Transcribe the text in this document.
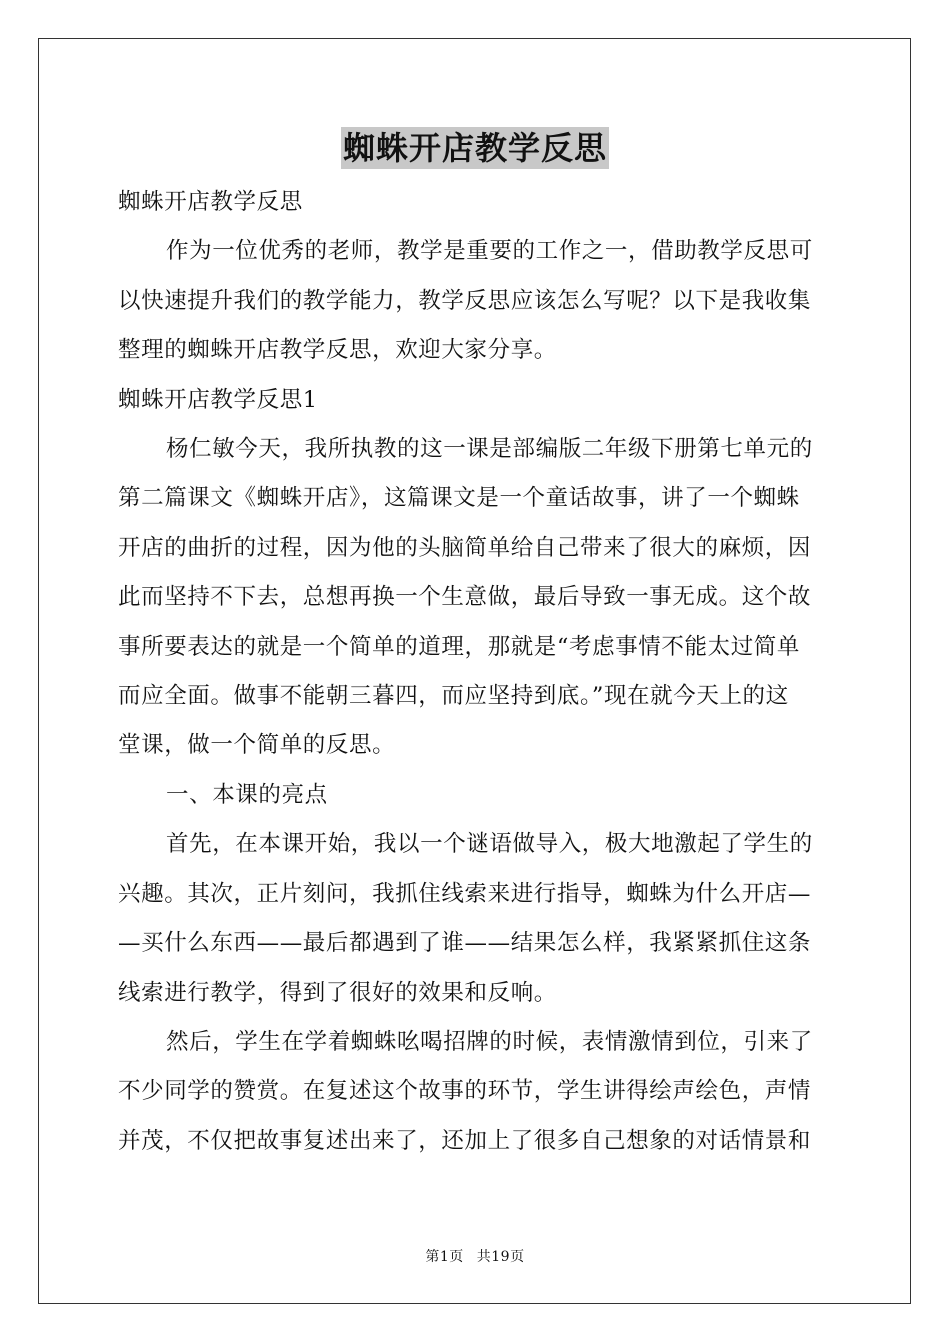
蜘蛛开店教学反思

蜘蛛开店教学反思

作为一位优秀的老师，教学是重要的工作之一，借助教学反思可

以快速提升我们的教学能力，教学反思应该怎么写呢？以下是我收集

整理的蜘蛛开店教学反思，欢迎大家分享。

蜘蛛开店教学反思1

杨仁敏今天，我所执教的这一课是部编版二年级下册第七单元的

第二篇课文《蜘蛛开店》，这篇课文是一个童话故事，讲了一个蜘蛛

开店的曲折的过程，因为他的头脑简单给自己带来了很大的麻烦，因

此而坚持不下去，总想再换一个生意做，最后导致一事无成。这个故

事所要表达的就是一个简单的道理，那就是“考虑事情不能太过简单

而应全面。做事不能朝三暮四，而应坚持到底。”现在就今天上的这

堂课，做一个简单的反思。

一、本课的亮点

首先，在本课开始，我以一个谜语做导入，极大地激起了学生的

兴趣。其次，正片刻问，我抓住线索来进行指导，蜘蛛为什么开店—

—买什么东西——最后都遇到了谁——结果怎么样，我紧紧抓住这条

线索进行教学，得到了很好的效果和反响。

然后，学生在学着蜘蛛吆喝招牌的时候，表情激情到位，引来了

不少同学的赞赏。在复述这个故事的环节，学生讲得绘声绘色，声情

并茂，不仅把故事复述出来了，还加上了很多自己想象的对话情景和

第1页 共19页
